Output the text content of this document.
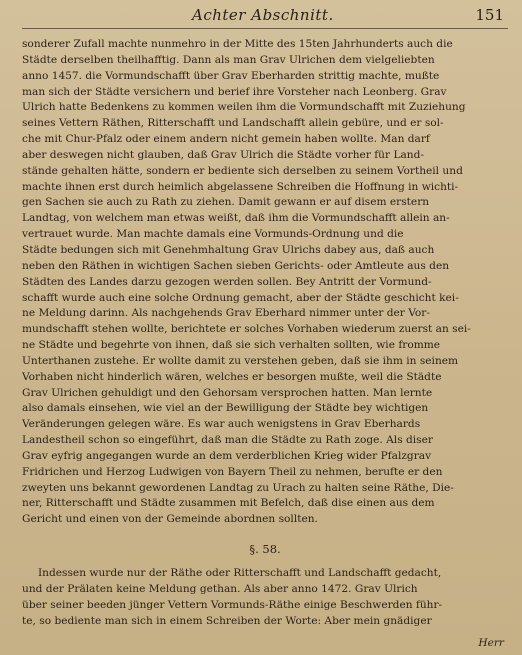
Achter Abschnitt.	151
sonderer Zufall machte nunmehro in der Mitte des 15ten Jahrhunderts auch die
Städte derselben theilhafftig. Dann als man Grav Ulrichen dem vielgeliebten
anno 1457. die Vormundschafft über Grav Eberharden strittig machte, mußte
man sich der Städte versichern und berief ihre Vorsteher nach Leonberg. Grav
Ulrich hatte Bedenkens zu kommen weilen ihm die Vormundschafft mit Zuziehung
seines Vettern Räthen, Ritterschafft und Landschafft allein gebüre, und er sol-
che mit Chur-Pfalz oder einem andern nicht gemein haben wollte. Man darf
aber deswegen nicht glauben, daß Grav Ulrich die Städte vorher für Land-
stände gehalten hätte, sondern er bediente sich derselben zu seinem Vortheil und
machte ihnen erst durch heimlich abgelassene Schreiben die Hoffnung in wichti-
gen Sachen sie auch zu Rath zu ziehen. Damit gewann er auf disem erstern
Landtag, von welchem man etwas weißt, daß ihm die Vormundschafft allein an-
vertrauet wurde. Man machte damals eine Vormunds-Ordnung und die
Städte bedungen sich mit Genehmhaltung Grav Ulrichs dabey aus, daß auch
neben den Räthen in wichtigen Sachen sieben Gerichts- oder Amtleute aus den
Städten des Landes darzu gezogen werden sollen. Bey Antritt der Vormund-
schafft wurde auch eine solche Ordnung gemacht, aber der Städte geschicht kei-
ne Meldung darinn. Als nachgehends Grav Eberhard nimmer unter der Vor-
mundschafft stehen wollte, berichtete er solches Vorhaben wiederum zuerst an sei-
ne Städte und begehrte von ihnen, daß sie sich verhalten sollten, wie fromme
Unterthanen zustehe. Er wollte damit zu verstehen geben, daß sie ihm in seinem
Vorhaben nicht hinderlich wären, welches er besorgen mußte, weil die Städte
Grav Ulrichen gehuldigt und den Gehorsam versprochen hatten. Man lernte
also damals einsehen, wie viel an der Bewilligung der Städte bey wichtigen
Veränderungen gelegen wäre. Es war auch wenigstens in Grav Eberhards
Landestheil schon so eingeführt, daß man die Städte zu Rath zoge. Als diser
Grav eyfrig angegangen wurde an dem verderblichen Krieg wider Pfalzgrav
Fridrichen und Herzog Ludwigen von Bayern Theil zu nehmen, berufte er den
zweyten uns bekannt gewordenen Landtag zu Urach zu halten seine Räthe, Die-
ner, Ritterschafft und Städte zusammen mit Befelch, daß dise einen aus dem
Gericht und einen von der Gemeinde abordnen sollten.
§. 58.
Indessen wurde nur der Räthe oder Ritterschafft und Landschafft gedacht,
und der Prälaten keine Meldung gethan. Als aber anno 1472. Grav Ulrich
über seiner beeden jünger Vettern Vormunds-Räthe einige Beschwerden führ-
te, so bediente man sich in einem Schreiben der Worte: Aber mein gnädiger
Herr
